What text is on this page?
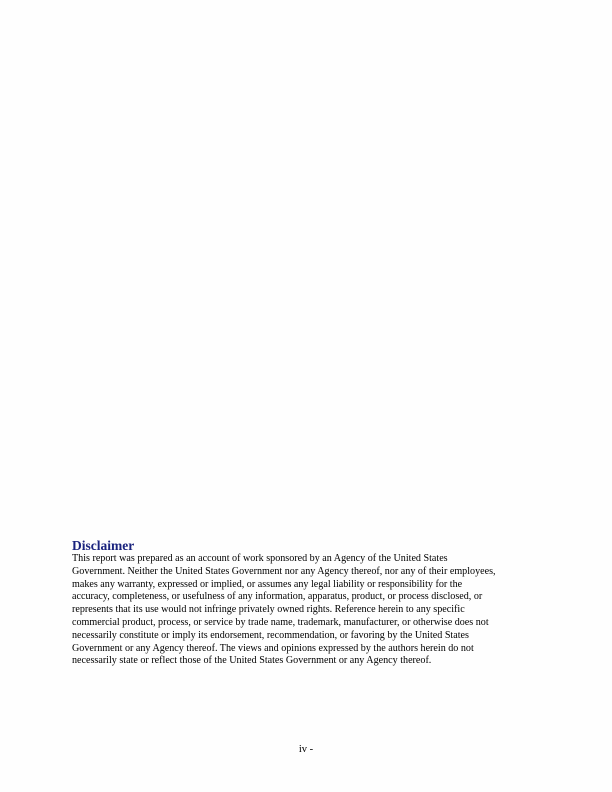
Disclaimer

This report was prepared as an account of work sponsored by an Agency of the United States
Government. Neither the United States Government nor any Agency thereof, nor any of their employees,
makes any warranty, expressed or implied, or assumes any legal liability or responsibility for the
accuracy, completeness, or usefulness of any information, apparatus, product, or process disclosed, or
represents that its use would not infringe privately owned rights. Reference herein to any specific
commercial product, process, or service by trade name, trademark, manufacturer, or otherwise does not
necessarily constitute or imply its endorsement, recommendation, or favoring by the United States
Government or any Agency thereof. The views and opinions expressed by the authors herein do not
necessarily state or reflect those of the United States Government or any Agency thereof.

iv -
